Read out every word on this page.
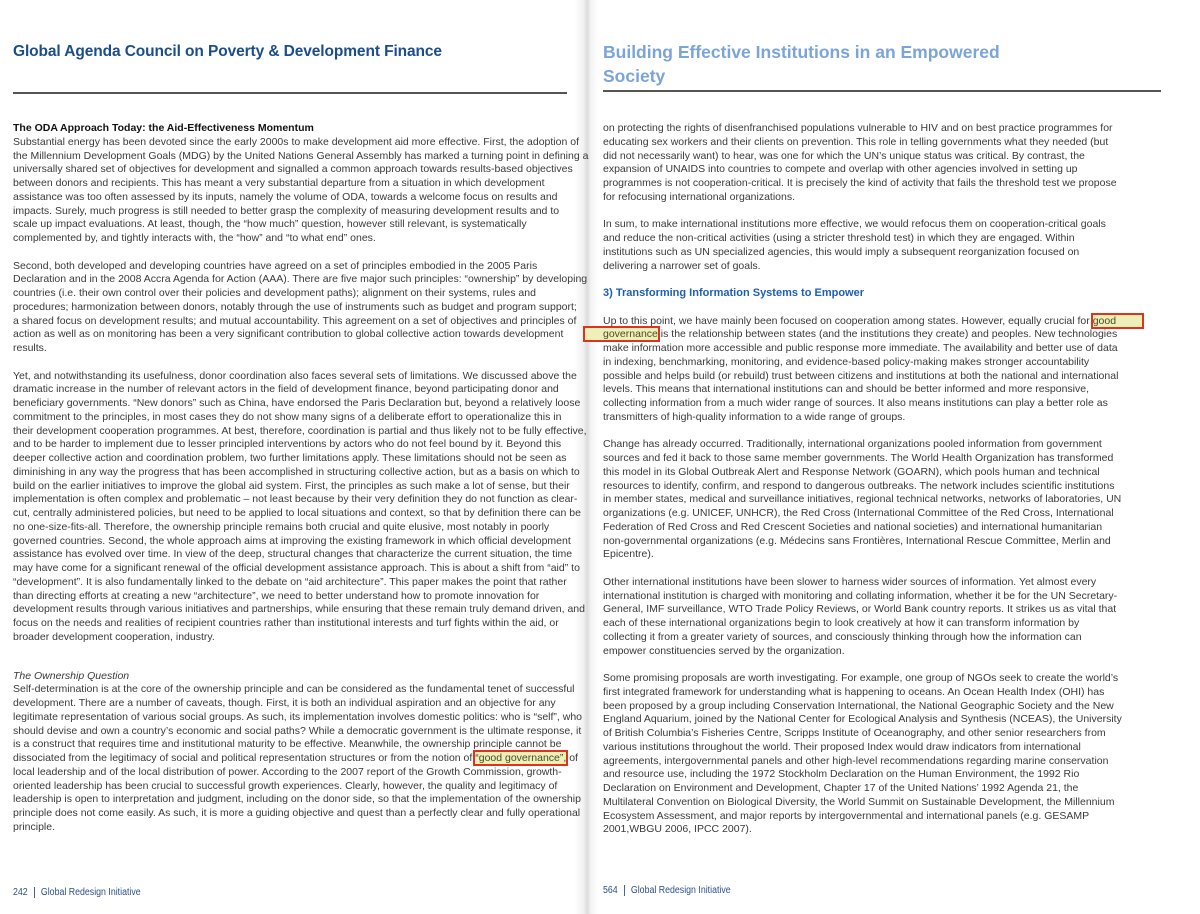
Global Agenda Council on Poverty & Development Finance
The ODA Approach Today: the Aid-Effectiveness Momentum
Substantial energy has been devoted since the early 2000s to make development aid more effective. First, the adoption of
the Millennium Development Goals (MDG) by the United Nations General Assembly has marked a turning point in defining a
universally shared set of objectives for development and signalled a common approach towards results-based objectives
between donors and recipients. This has meant a very substantial departure from a situation in which development
assistance was too often assessed by its inputs, namely the volume of ODA, towards a welcome focus on results and
impacts. Surely, much progress is still needed to better grasp the complexity of measuring development results and to
scale up impact evaluations. At least, though, the “how much” question, however still relevant, is systematically
complemented by, and tightly interacts with, the “how” and “to what end” ones.
Second, both developed and developing countries have agreed on a set of principles embodied in the 2005 Paris
Declaration and in the 2008 Accra Agenda for Action (AAA). There are five major such principles: “ownership” by developing
countries (i.e. their own control over their policies and development paths); alignment on their systems, rules and
procedures; harmonization between donors, notably through the use of instruments such as budget and program support;
a shared focus on development results; and mutual accountability. This agreement on a set of objectives and principles of
action as well as on monitoring has been a very significant contribution to global collective action towards development
results.
Yet, and notwithstanding its usefulness, donor coordination also faces several sets of limitations. We discussed above the
dramatic increase in the number of relevant actors in the field of development finance, beyond participating donor and
beneficiary governments. “New donors” such as China, have endorsed the Paris Declaration but, beyond a relatively loose
commitment to the principles, in most cases they do not show many signs of a deliberate effort to operationalize this in
their development cooperation programmes. At best, therefore, coordination is partial and thus likely not to be fully effective,
and to be harder to implement due to lesser principled interventions by actors who do not feel bound by it. Beyond this
deeper collective action and coordination problem, two further limitations apply. These limitations should not be seen as
diminishing in any way the progress that has been accomplished in structuring collective action, but as a basis on which to
build on the earlier initiatives to improve the global aid system. First, the principles as such make a lot of sense, but their
implementation is often complex and problematic – not least because by their very definition they do not function as clear-
cut, centrally administered policies, but need to be applied to local situations and context, so that by definition there can be
no one-size-fits-all. Therefore, the ownership principle remains both crucial and quite elusive, most notably in poorly
governed countries. Second, the whole approach aims at improving the existing framework in which official development
assistance has evolved over time. In view of the deep, structural changes that characterize the current situation, the time
may have come for a significant renewal of the official development assistance approach. This is about a shift from “aid” to
“development”. It is also fundamentally linked to the debate on “aid architecture”. This paper makes the point that rather
than directing efforts at creating a new “architecture”, we need to better understand how to promote innovation for
development results through various initiatives and partnerships, while ensuring that these remain truly demand driven, and
focus on the needs and realities of recipient countries rather than institutional interests and turf fights within the aid, or
broader development cooperation, industry.
The Ownership Question
Self-determination is at the core of the ownership principle and can be considered as the fundamental tenet of successful
development. There are a number of caveats, though. First, it is both an individual aspiration and an objective for any
legitimate representation of various social groups. As such, its implementation involves domestic politics: who is “self”, who
should devise and own a country’s economic and social paths? While a democratic government is the ultimate response, it
is a construct that requires time and institutional maturity to be effective. Meanwhile, the ownership principle cannot be
dissociated from the legitimacy of social and political representation structures or from the notion of “good governance”, of
local leadership and of the local distribution of power. According to the 2007 report of the Growth Commission, growth-
oriented leadership has been crucial to successful growth experiences. Clearly, however, the quality and legitimacy of
leadership is open to interpretation and judgment, including on the donor side, so that the implementation of the ownership
principle does not come easily. As such, it is more a guiding objective and quest than a perfectly clear and fully operational
principle.
242 Global Redesign Initiative
Building Effective Institutions in an Empowered
Society
on protecting the rights of disenfranchised populations vulnerable to HIV and on best practice programmes for
educating sex workers and their clients on prevention. This role in telling governments what they needed (but
did not necessarily want) to hear, was one for which the UN’s unique status was critical. By contrast, the
expansion of UNAIDS into countries to compete and overlap with other agencies involved in setting up
programmes is not cooperation-critical. It is precisely the kind of activity that fails the threshold test we propose
for refocusing international organizations.
In sum, to make international institutions more effective, we would refocus them on cooperation-critical goals
and reduce the non-critical activities (using a stricter threshold test) in which they are engaged. Within
institutions such as UN specialized agencies, this would imply a subsequent reorganization focused on
delivering a narrower set of goals.
3) Transforming Information Systems to Empower
Up to this point, we have mainly been focused on cooperation among states. However, equally crucial for good
governance is the relationship between states (and the institutions they create) and peoples. New technologies
make information more accessible and public response more immediate. The availability and better use of data
in indexing, benchmarking, monitoring, and evidence-based policy-making makes stronger accountability
possible and helps build (or rebuild) trust between citizens and institutions at both the national and international
levels. This means that international institutions can and should be better informed and more responsive,
collecting information from a much wider range of sources. It also means institutions can play a better role as
transmitters of high-quality information to a wide range of groups.
Change has already occurred. Traditionally, international organizations pooled information from government
sources and fed it back to those same member governments. The World Health Organization has transformed
this model in its Global Outbreak Alert and Response Network (GOARN), which pools human and technical
resources to identify, confirm, and respond to dangerous outbreaks. The network includes scientific institutions
in member states, medical and surveillance initiatives, regional technical networks, networks of laboratories, UN
organizations (e.g. UNICEF, UNHCR), the Red Cross (International Committee of the Red Cross, International
Federation of Red Cross and Red Crescent Societies and national societies) and international humanitarian
non-governmental organizations (e.g. Médecins sans Frontières, International Rescue Committee, Merlin and
Epicentre).
Other international institutions have been slower to harness wider sources of information. Yet almost every
international institution is charged with monitoring and collating information, whether it be for the UN Secretary-
General, IMF surveillance, WTO Trade Policy Reviews, or World Bank country reports. It strikes us as vital that
each of these international organizations begin to look creatively at how it can transform information by
collecting it from a greater variety of sources, and consciously thinking through how the information can
empower constituencies served by the organization.
Some promising proposals are worth investigating. For example, one group of NGOs seek to create the world’s
first integrated framework for understanding what is happening to oceans. An Ocean Health Index (OHI) has
been proposed by a group including Conservation International, the National Geographic Society and the New
England Aquarium, joined by the National Center for Ecological Analysis and Synthesis (NCEAS), the University
of British Columbia’s Fisheries Centre, Scripps Institute of Oceanography, and other senior researchers from
various institutions throughout the world. Their proposed Index would draw indicators from international
agreements, intergovernmental panels and other high-level recommendations regarding marine conservation
and resource use, including the 1972 Stockholm Declaration on the Human Environment, the 1992 Rio
Declaration on Environment and Development, Chapter 17 of the United Nations’ 1992 Agenda 21, the
Multilateral Convention on Biological Diversity, the World Summit on Sustainable Development, the Millennium
Ecosystem Assessment, and major reports by intergovernmental and international panels (e.g. GESAMP
2001,WBGU 2006, IPCC 2007).
564 Global Redesign Initiative
